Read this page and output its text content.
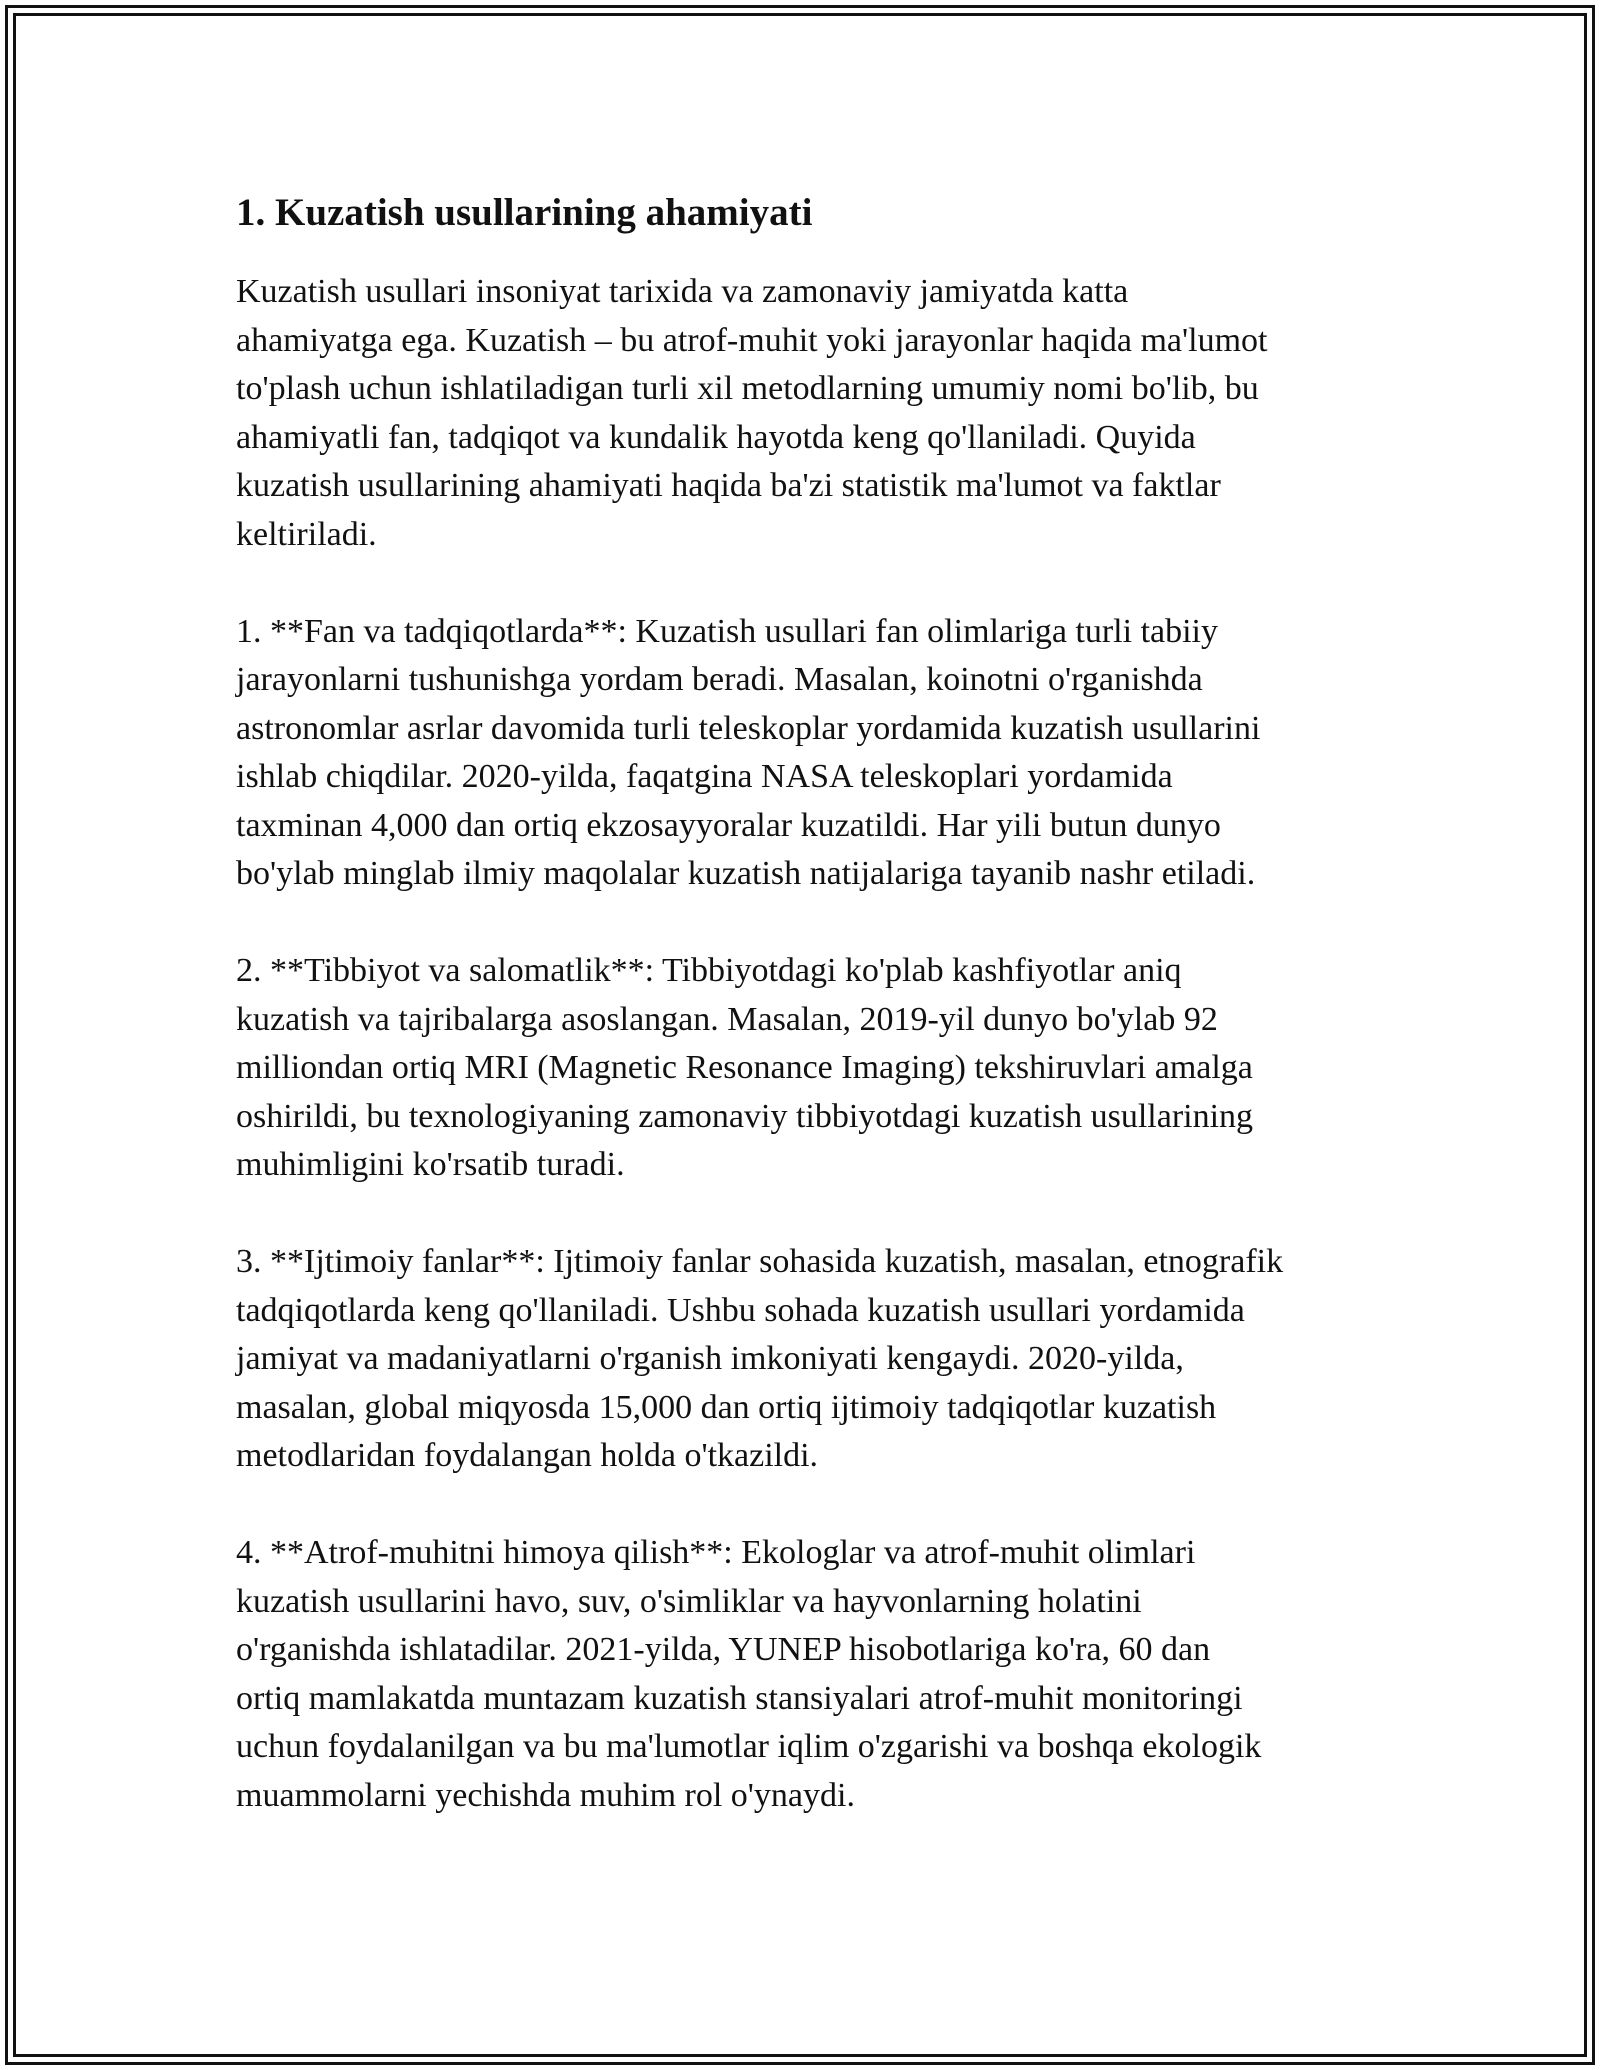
1. Kuzatish usullarining ahamiyati

Kuzatish usullari insoniyat tarixida va zamonaviy jamiyatda katta
ahamiyatga ega. Kuzatish – bu atrof-muhit yoki jarayonlar haqida ma'lumot
to'plash uchun ishlatiladigan turli xil metodlarning umumiy nomi bo'lib, bu
ahamiyatli fan, tadqiqot va kundalik hayotda keng qo'llaniladi. Quyida
kuzatish usullarining ahamiyati haqida ba'zi statistik ma'lumot va faktlar
keltiriladi.

1. **Fan va tadqiqotlarda**: Kuzatish usullari fan olimlariga turli tabiiy
jarayonlarni tushunishga yordam beradi. Masalan, koinotni o'rganishda
astronomlar asrlar davomida turli teleskoplar yordamida kuzatish usullarini
ishlab chiqdilar. 2020-yilda, faqatgina NASA teleskoplari yordamida
taxminan 4,000 dan ortiq ekzosayyoralar kuzatildi. Har yili butun dunyo
bo'ylab minglab ilmiy maqolalar kuzatish natijalariga tayanib nashr etiladi.

2. **Tibbiyot va salomatlik**: Tibbiyotdagi ko'plab kashfiyotlar aniq
kuzatish va tajribalarga asoslangan. Masalan, 2019-yil dunyo bo'ylab 92
milliondan ortiq MRI (Magnetic Resonance Imaging) tekshiruvlari amalga
oshirildi, bu texnologiyaning zamonaviy tibbiyotdagi kuzatish usullarining
muhimligini ko'rsatib turadi.

3. **Ijtimoiy fanlar**: Ijtimoiy fanlar sohasida kuzatish, masalan, etnografik
tadqiqotlarda keng qo'llaniladi. Ushbu sohada kuzatish usullari yordamida
jamiyat va madaniyatlarni o'rganish imkoniyati kengaydi. 2020-yilda,
masalan, global miqyosda 15,000 dan ortiq ijtimoiy tadqiqotlar kuzatish
metodlaridan foydalangan holda o'tkazildi.

4. **Atrof-muhitni himoya qilish**: Ekologlar va atrof-muhit olimlari
kuzatish usullarini havo, suv, o'simliklar va hayvonlarning holatini
o'rganishda ishlatadilar. 2021-yilda, YUNEP hisobotlariga ko'ra, 60 dan
ortiq mamlakatda muntazam kuzatish stansiyalari atrof-muhit monitoringi
uchun foydalanilgan va bu ma'lumotlar iqlim o'zgarishi va boshqa ekologik
muammolarni yechishda muhim rol o'ynaydi.
